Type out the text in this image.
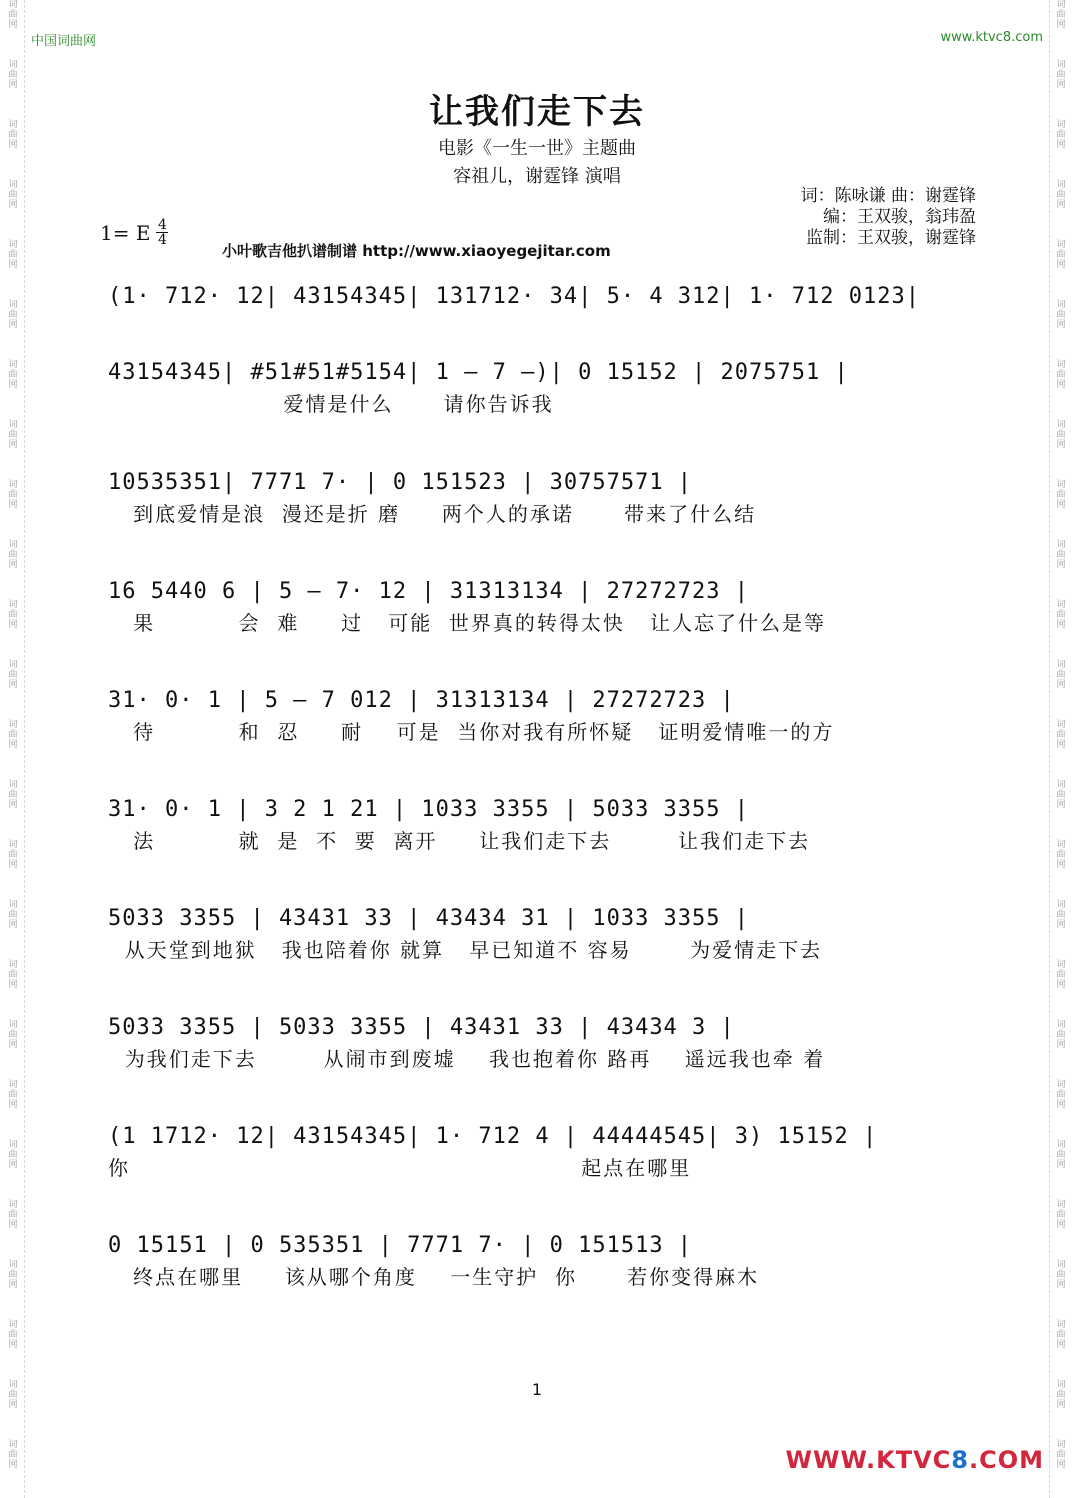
词曲网
词曲网
词曲网
词曲网
词曲网
词曲网
词曲网
词曲网
词曲网
词曲网
词曲网
词曲网
词曲网
词曲网
词曲网
词曲网
词曲网
词曲网
词曲网
词曲网
词曲网
词曲网
词曲网
词曲网
词曲网
词曲网
词曲网
词曲网
词曲网
词曲网
词曲网
词曲网
词曲网
词曲网
词曲网
词曲网
词曲网
词曲网
词曲网
词曲网
词曲网
词曲网
词曲网
词曲网
词曲网
词曲网
词曲网
词曲网
词曲网
词曲网
中国词曲网	www.ktvc8.com
让我们走下去
电影《一生一世》主题曲
容祖儿，谢霆锋 演唱
词：陈咏谦 曲：谢霆锋
编：王双骏，翁玮盈
监制：王双骏，谢霆锋
1= E 4
4
小叶歌吉他扒谱制谱 http://www.xiaoyegejitar.com
(1· 712· 12| 43154345| 131712· 34| 5· 4 312| 1· 712 0123|
43154345| #51#51#5154| 1 – 7 –)| 0 15152 | 2075751 |
爱情是什么      请你告诉我
10535351| 7771 7· | 0 151523 | 30757571 |
到底爱情是浪  漫还是折 磨     两个人的承诺      带来了什么结
16 5440 6 | 5 – 7· 12 | 31313134 | 27272723 |
果          会  难     过   可能  世界真的转得太快   让人忘了什么是等
31· 0· 1 | 5 – 7 012 | 31313134 | 27272723 |
待          和  忍     耐    可是  当你对我有所怀疑   证明爱情唯一的方
31· 0· 1 | 3 2 1 21 | 1033 3355 | 5033 3355 |
法          就  是  不  要  离开     让我们走下去        让我们走下去
5033 3355 | 43431 33 | 43434 31 | 1033 3355 |
从天堂到地狱   我也陪着你 就算   早已知道不 容易       为爱情走下去
5033 3355 | 5033 3355 | 43431 33 | 43434 3 |
为我们走下去        从闹市到废墟    我也抱着你 路再    遥远我也牵 着
(1 1712· 12| 43154345| 1· 712 4 | 44444545| 3) 15152 |
你                                                      起点在哪里
0 15151 | 0 535351 | 7771 7· | 0 151513 |
终点在哪里     该从哪个角度    一生守护  你      若你变得麻木
1
WWW.KTVC8.COM
